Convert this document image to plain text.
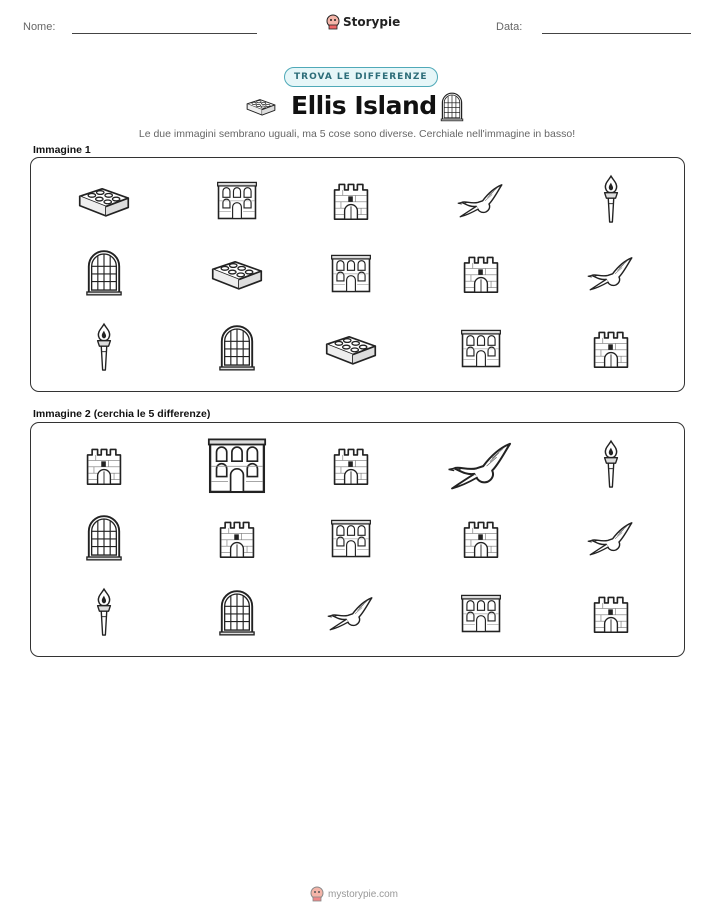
Nome:	Storypie	Data:
TROVA LE DIFFERENZE
Ellis Island
Le due immagini sembrano uguali, ma 5 cose sono diverse. Cerchiale nell'immagine in basso!
Immagine 1
Immagine 2 (cerchia le 5 differenze)
mystorypie.com
